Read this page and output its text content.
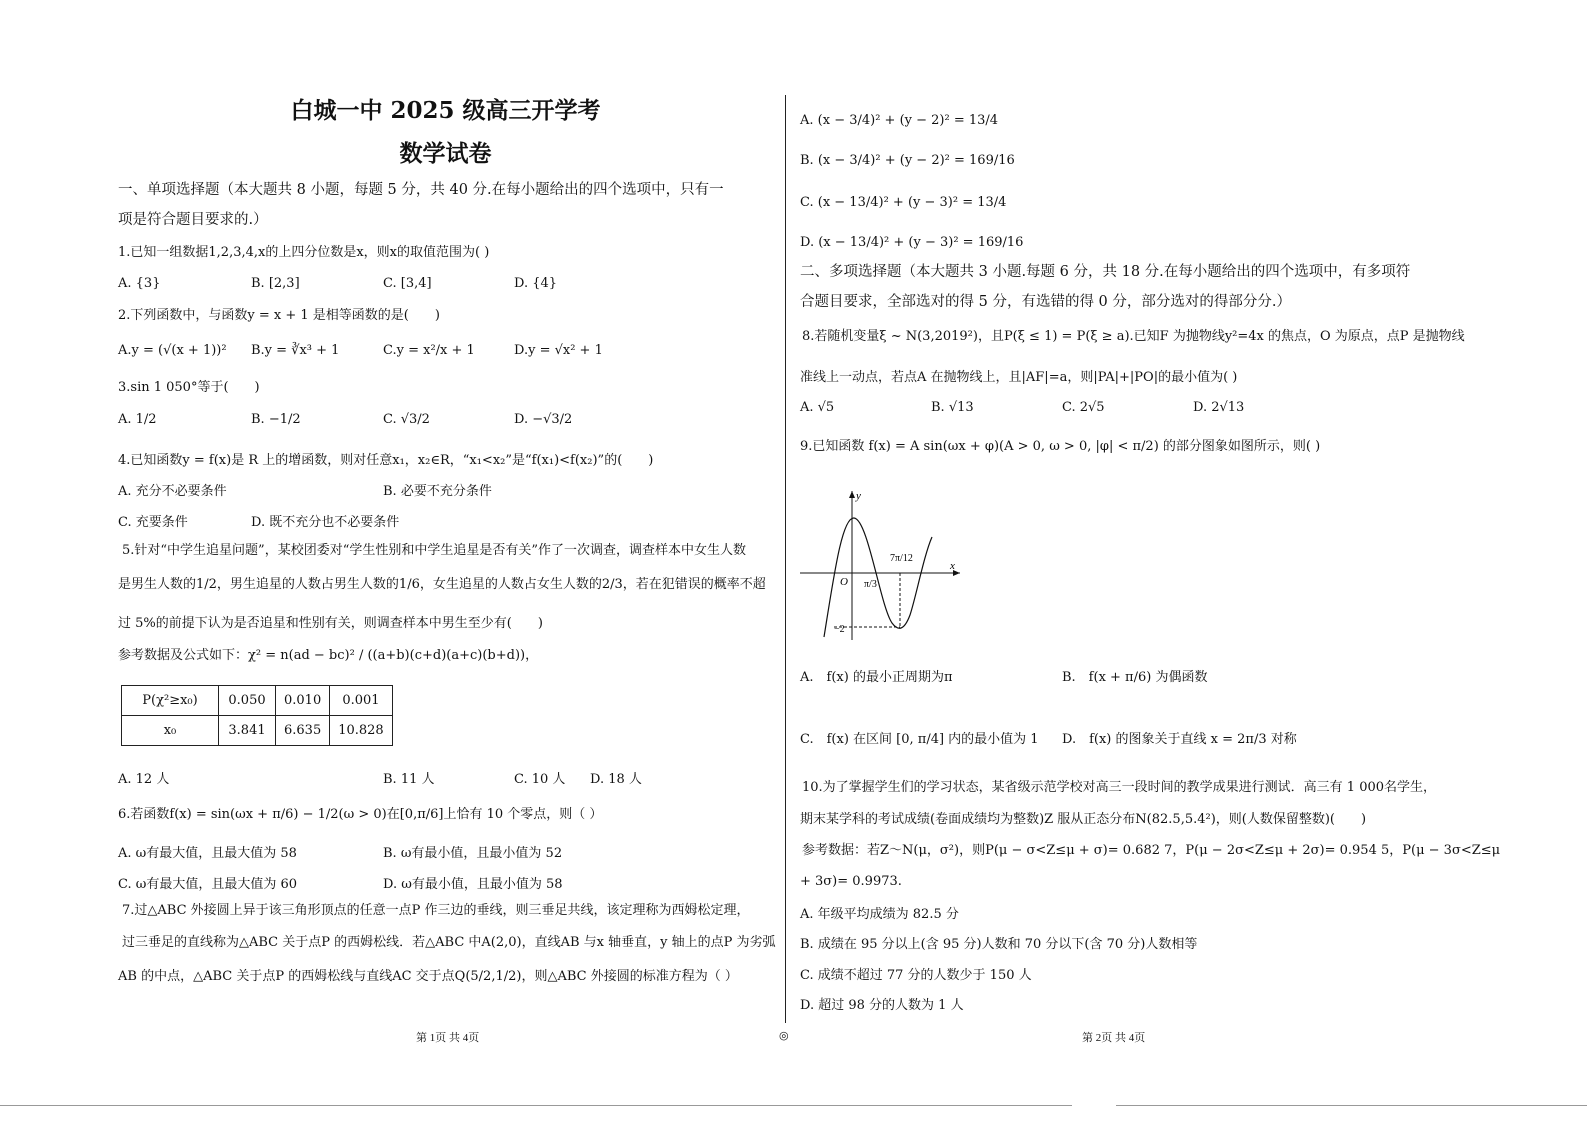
白城一中 2025 级高三开学考
数学试卷
一、单项选择题（本大题共 8 小题，每题 5 分，共 40 分.在每小题给出的四个选项中，只有一
项是符合题目要求的.）
1.已知一组数据1,2,3,4,x的上四分位数是x，则x的取值范围为( )
A. {3}	B. [2,3]	C. [3,4]	D. {4}
2.下列函数中，与函数y = x + 1 是相等函数的是(　　)
A.y = (√(x + 1))² B.y = ∛x³ + 1	C.y = x²/x + 1	D.y = √x² + 1
3.sin 1 050°等于(　　)
A. 1/2	B. −1/2	C. √3/2	D. −√3/2
4.已知函数y = f(x)是 R 上的增函数，则对任意x₁，x₂∈R，“x₁<x₂”是“f(x₁)<f(x₂)”的(　　)
A. 充分不必要条件	B. 必要不充分条件
C. 充要条件	D. 既不充分也不必要条件
5.针对“中学生追星问题”，某校团委对“学生性别和中学生追星是否有关”作了一次调查，调查样本中女生人数
是男生人数的1/2，男生追星的人数占男生人数的1/6，女生追星的人数占女生人数的2/3，若在犯错误的概率不超
过 5%的前提下认为是否追星和性别有关，则调查样本中男生至少有(　　)
参考数据及公式如下：χ² = n(ad − bc)² / ((a+b)(c+d)(a+c)(b+d))，
P(χ²≥x₀)	0.050	0.010	0.001
x₀	3.841	6.635	10.828
A. 12 人	B. 11 人	C. 10 人 D. 18 人
6.若函数f(x) = sin(ωx + π/6) − 1/2(ω > 0)在[0,π/6]上恰有 10 个零点，则（ ）
A. ω有最大值，且最大值为 58	B. ω有最小值，且最小值为 52
C. ω有最大值，且最大值为 60	D. ω有最小值，且最小值为 58
7.过△ABC 外接圆上异于该三角形顶点的任意一点P 作三边的垂线，则三垂足共线，该定理称为西姆松定理，
过三垂足的直线称为△ABC 关于点P 的西姆松线．若△ABC 中A(2,0)，直线AB 与x 轴垂直，y 轴上的点P 为劣弧
AB 的中点，△ABC 关于点P 的西姆松线与直线AC 交于点Q(5/2,1/2)，则△ABC 外接圆的标准方程为（ ）
A. (x − 3/4)² + (y − 2)² = 13/4
B. (x − 3/4)² + (y − 2)² = 169/16
C. (x − 13/4)² + (y − 3)² = 13/4
D. (x − 13/4)² + (y − 3)² = 169/16
二、多项选择题（本大题共 3 小题.每题 6 分，共 18 分.在每小题给出的四个选项中，有多项符
合题目要求，全部选对的得 5 分，有选错的得 0 分，部分选对的得部分分.）
8.若随机变量ξ ~ N(3,2019²)，且P(ξ ≤ 1) = P(ξ ≥ a).已知F 为抛物线y²=4x 的焦点，O 为原点，点P 是抛物线
准线上一动点，若点A 在抛物线上，且|AF|=a，则|PA|+|PO|的最小值为( )
A. √5	B. √13	C. 2√5	D. 2√13
9.已知函数 f(x) = A sin(ωx + φ)(A > 0, ω > 0, |φ| < π/2) 的部分图象如图所示，则( )
y
x
O π/3
7π/12
−2
A.　f(x) 的最小正周期为π	B.　f(x + π/6) 为偶函数
C.　f(x) 在区间 [0, π/4] 内的最小值为 1 D.　f(x) 的图象关于直线 x = 2π/3 对称
10.为了掌握学生们的学习状态，某省级示范学校对高三一段时间的教学成果进行测试．高三有 1 000名学生，
期末某学科的考试成绩(卷面成绩均为整数)Z 服从正态分布N(82.5,5.4²)，则(人数保留整数)(　　)
参考数据：若Z～N(μ，σ²)，则P(μ − σ<Z≤μ + σ)= 0.682 7，P(μ − 2σ<Z≤μ + 2σ)= 0.954 5，P(μ − 3σ<Z≤μ
+ 3σ)= 0.9973.
A. 年级平均成绩为 82.5 分
B. 成绩在 95 分以上(含 95 分)人数和 70 分以下(含 70 分)人数相等
C. 成绩不超过 77 分的人数少于 150 人
D. 超过 98 分的人数为 1 人
第 1页 共 4页	◎	第 2页 共 4页
